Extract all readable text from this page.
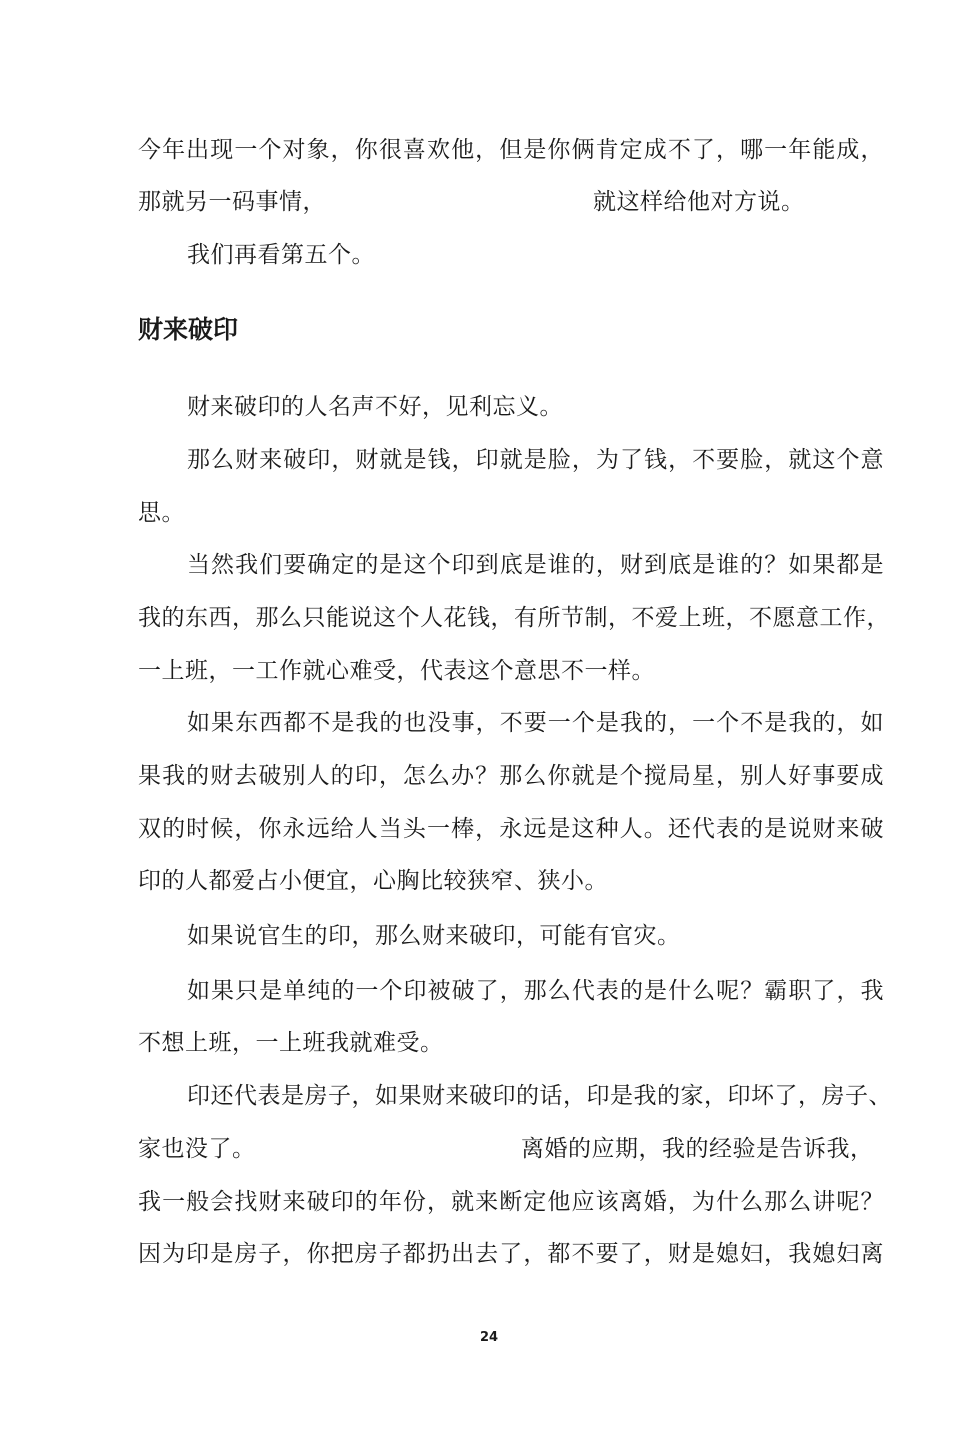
今年出现一个对象，你很喜欢他，但是你俩肯定成不了，哪一年能成，
那就另一码事情，	就这样给他对方说。
我们再看第五个。
财来破印
财来破印的人名声不好，见利忘义。
那么财来破印，财就是钱，印就是脸，为了钱，不要脸，就这个意
思。
当然我们要确定的是这个印到底是谁的，财到底是谁的？如果都是
我的东西，那么只能说这个人花钱，有所节制，不爱上班，不愿意工作，
一上班，一工作就心难受，代表这个意思不一样。
如果东西都不是我的也没事，不要一个是我的，一个不是我的，如
果我的财去破别人的印，怎么办？那么你就是个搅局星，别人好事要成
双的时候，你永远给人当头一棒，永远是这种人。还代表的是说财来破
印的人都爱占小便宜，心胸比较狭窄、狭小。
如果说官生的印，那么财来破印，可能有官灾。
如果只是单纯的一个印被破了，那么代表的是什么呢？霸职了，我
不想上班，一上班我就难受。
印还代表是房子，如果财来破印的话，印是我的家，印坏了，房子、
家也没了。	离婚的应期，我的经验是告诉我，
我一般会找财来破印的年份，就来断定他应该离婚，为什么那么讲呢？
因为印是房子，你把房子都扔出去了，都不要了，财是媳妇，我媳妇离
24
